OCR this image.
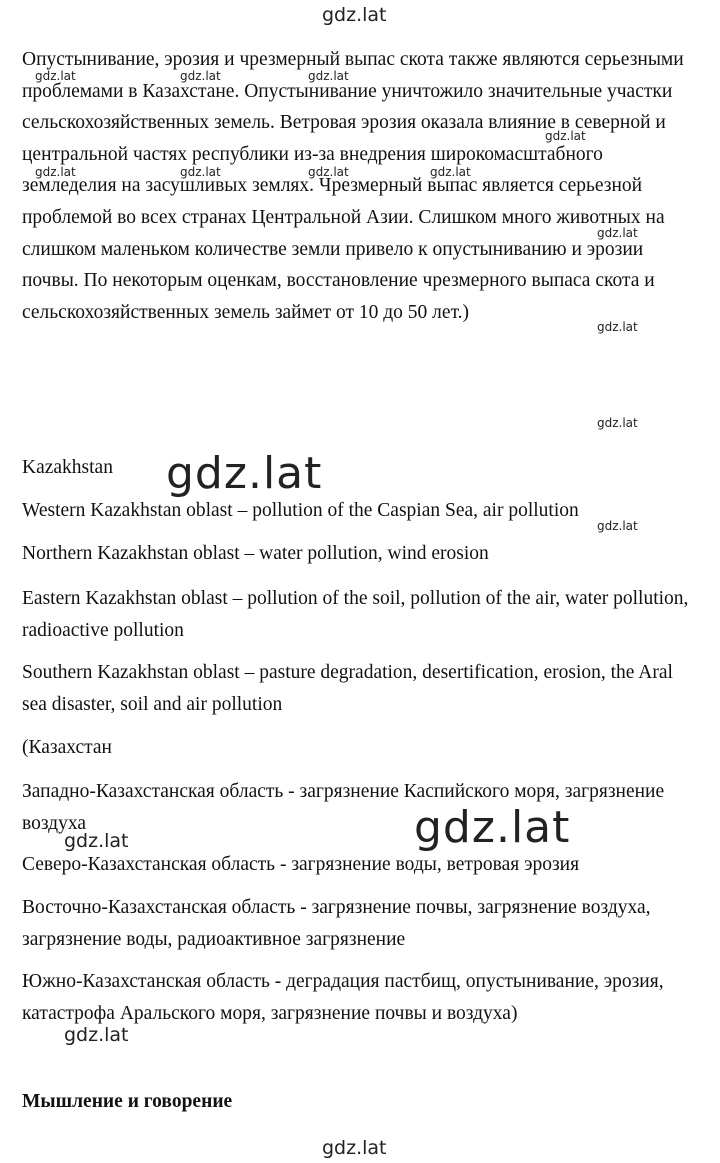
gdz.lat

Опустынивание, эрозия и чрезмерный выпас скота также являются серьезными проблемами в Казахстане. Опустынивание уничтожило значительные участки сельскохозяйственных земель. Ветровая эрозия оказала влияние в северной и центральной частях республики из-за внедрения широкомасштабного земледелия на засушливых землях. Чрезмерный выпас является серьезной проблемой во всех странах Центральной Азии. Слишком много животных на слишком маленьком количестве земли привело к опустыниванию и эрозии почвы. По некоторым оценкам, восстановление чрезмерного выпаса скота и сельскохозяйственных земель займет от 10 до 50 лет.)

gdz.lat	gdz.lat	gdz.lat
gdz.lat
gdz.lat	gdz.lat	gdz.lat	gdz.lat
gdz.lat
gdz.lat
gdz.lat
Kazakhstan	gdz.lat
Western Kazakhstan oblast – pollution of the Caspian Sea, air pollution
gdz.lat
Northern Kazakhstan oblast – water pollution, wind erosion
Eastern Kazakhstan oblast – pollution of the soil, pollution of the air, water pollution, radioactive pollution
Southern Kazakhstan oblast – pasture degradation, desertification, erosion, the Aral sea disaster, soil and air pollution
(Казахстан
Западно-Казахстанская область - загрязнение Каспийского моря, загрязнение воздуха
gdz.lat	gdz.lat
Северо-Казахстанская область - загрязнение воды, ветровая эрозия
Восточно-Казахстанская область - загрязнение почвы, загрязнение воздуха, загрязнение воды, радиоактивное загрязнение
Южно-Казахстанская область - деградация пастбищ, опустынивание, эрозия, катастрофа Аральского моря, загрязнение почвы и воздуха)
gdz.lat
Мышление и говорение
gdz.lat
